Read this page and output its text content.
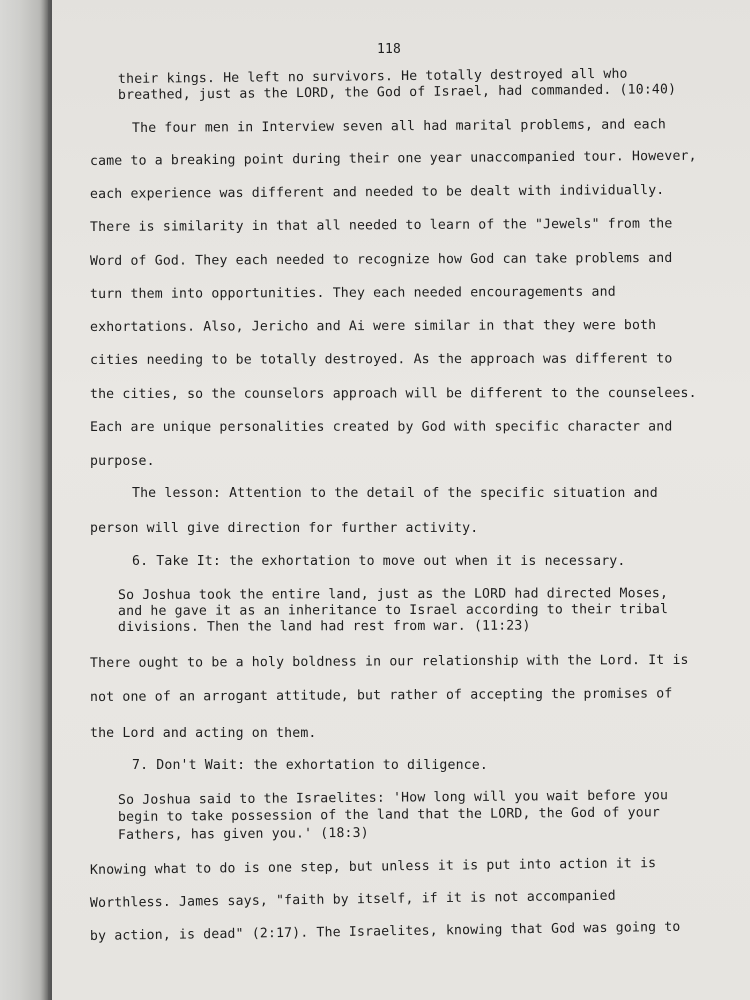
118
their kings. He left no survivors. He totally destroyed all who
breathed, just as the LORD, the God of Israel, had commanded. (10:40)
The four men in Interview seven all had marital problems, and each
came to a breaking point during their one year unaccompanied tour. However,
each experience was different and needed to be dealt with individually.
There is similarity in that all needed to learn of the "Jewels" from the
Word of God. They each needed to recognize how God can take problems and
turn them into opportunities. They each needed encouragements and
exhortations. Also, Jericho and Ai were similar in that they were both
cities needing to be totally destroyed. As the approach was different to
the cities, so the counselors approach will be different to the counselees.
Each are unique personalities created by God with specific character and
purpose.
The lesson: Attention to the detail of the specific situation and
person will give direction for further activity.
6. Take It: the exhortation to move out when it is necessary.
So Joshua took the entire land, just as the LORD had directed Moses,
and he gave it as an inheritance to Israel according to their tribal
divisions. Then the land had rest from war. (11:23)
There ought to be a holy boldness in our relationship with the Lord. It is
not one of an arrogant attitude, but rather of accepting the promises of
the Lord and acting on them.
7. Don't Wait: the exhortation to diligence.
So Joshua said to the Israelites: 'How long will you wait before you
begin to take possession of the land that the LORD, the God of your
Fathers, has given you.' (18:3)
Knowing what to do is one step, but unless it is put into action it is
Worthless. James says, "faith by itself, if it is not accompanied
by action, is dead" (2:17). The Israelites, knowing that God was going to
